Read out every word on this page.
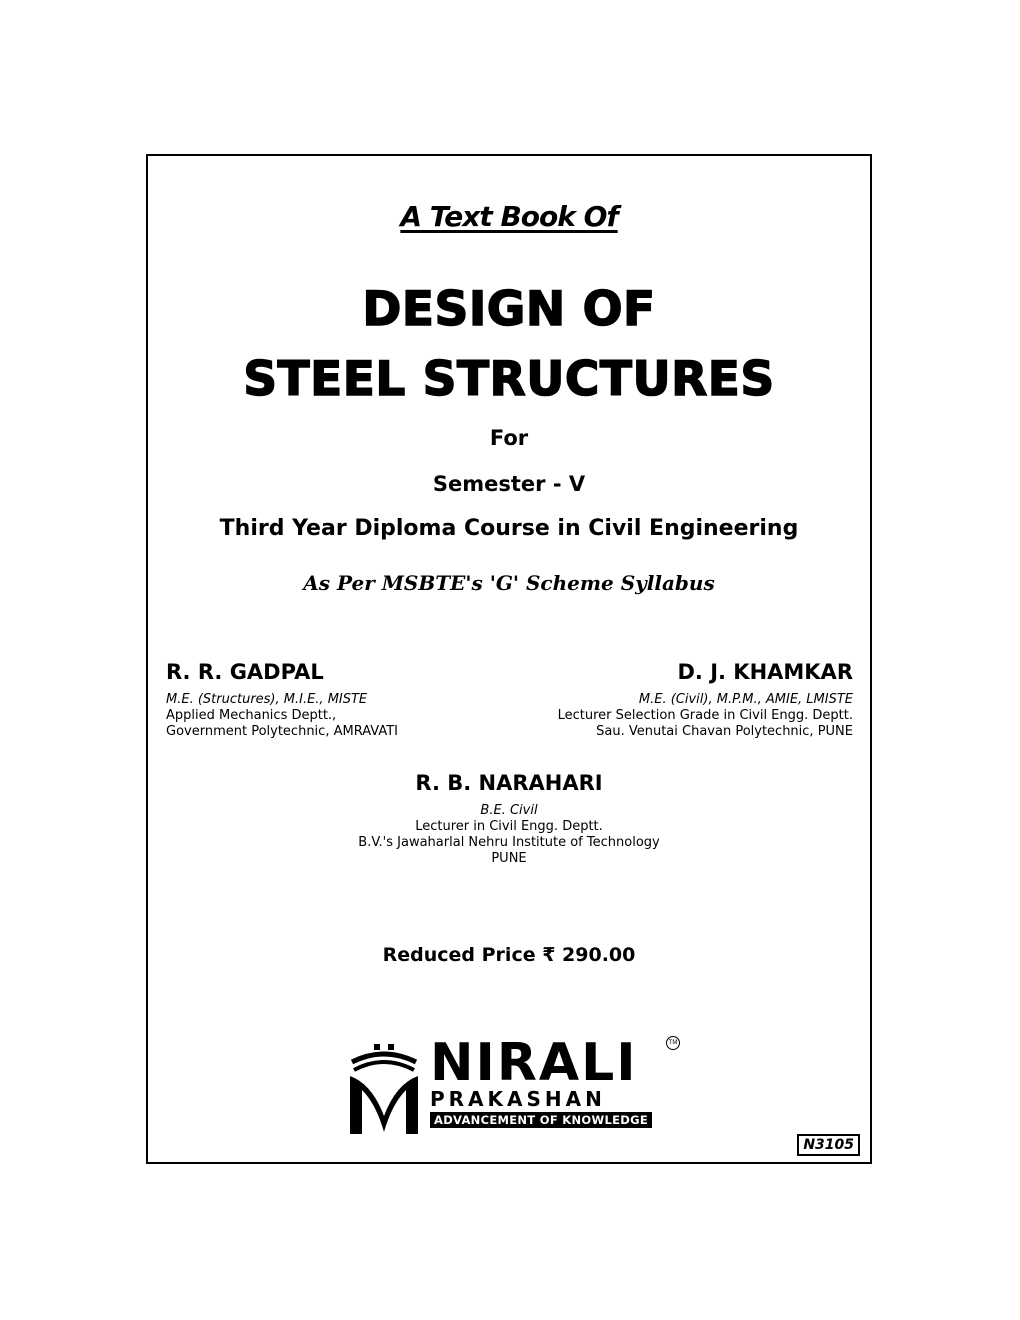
A Text Book Of
DESIGN OF
STEEL STRUCTURES
For
Semester - V
Third Year Diploma Course in Civil Engineering
As Per MSBTE's 'G' Scheme Syllabus
R. R. GADPAL
M.E. (Structures), M.I.E., MISTE
Applied Mechanics Deptt.,
Government Polytechnic, AMRAVATI
D. J. KHAMKAR
M.E. (Civil), M.P.M., AMIE, LMISTE
Lecturer Selection Grade in Civil Engg. Deptt.
Sau. Venutai Chavan Polytechnic, PUNE
R. B. NARAHARI
B.E. Civil
Lecturer in Civil Engg. Deptt.
B.V.'s Jawaharlal Nehru Institute of Technology
PUNE
Reduced Price ₹ 290.00
NIRALI	TM
PRAKASHAN
ADVANCEMENT OF KNOWLEDGE
N3105
